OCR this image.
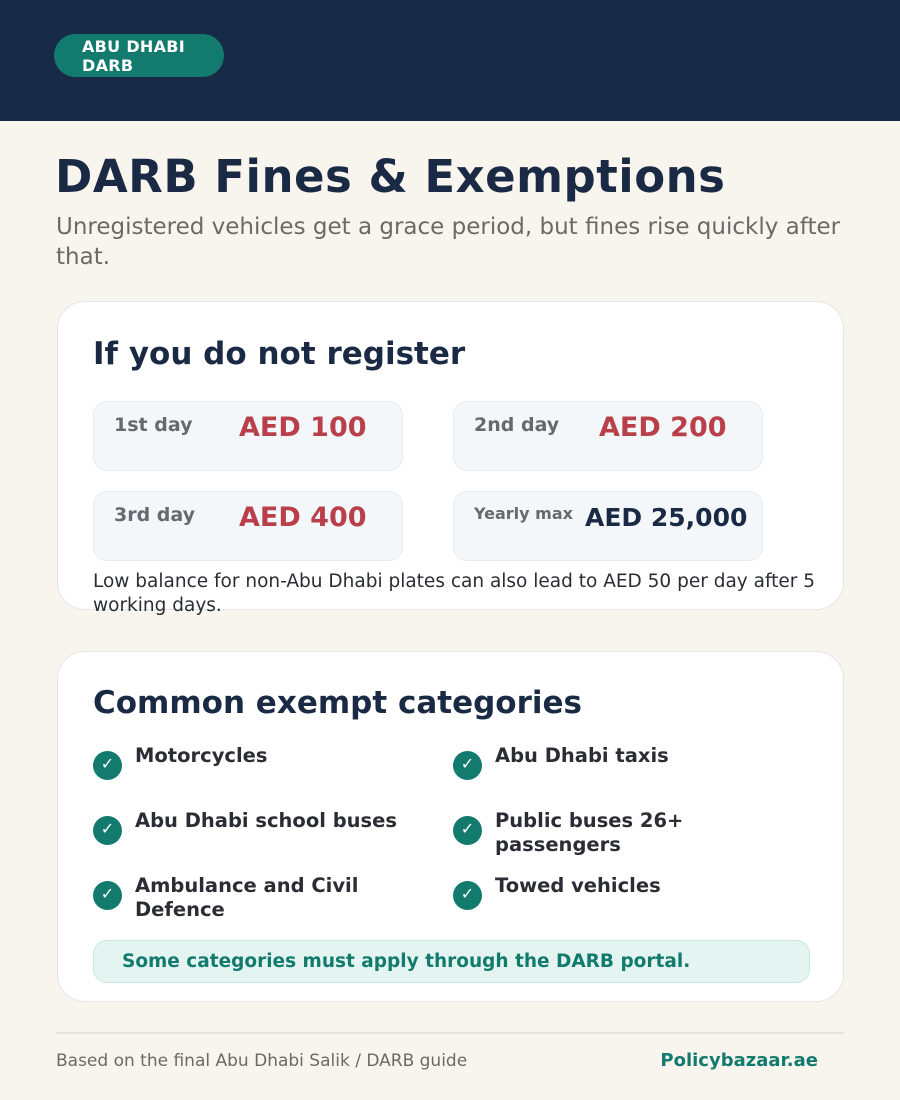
ABU DHABI DARB
DARB Fines & Exemptions

Unregistered vehicles get a grace period, but fines rise quickly after that.

If you do not register
1st day AED 100	2nd day AED 200
3rd day AED 400	Yearly max AED 25,000

Low balance for non-Abu Dhabi plates can also lead to AED 50 per day after 5 working days.

Common exempt categories
✓	Motorcycles	✓	Abu Dhabi taxis
✓	Abu Dhabi school buses	✓	Public buses 26+ passengers
✓	Ambulance and Civil Defence
✓	Towed vehicles
Some categories must apply through the DARB portal.
Based on the final Abu Dhabi Salik / DARB guide	Policybazaar.ae
